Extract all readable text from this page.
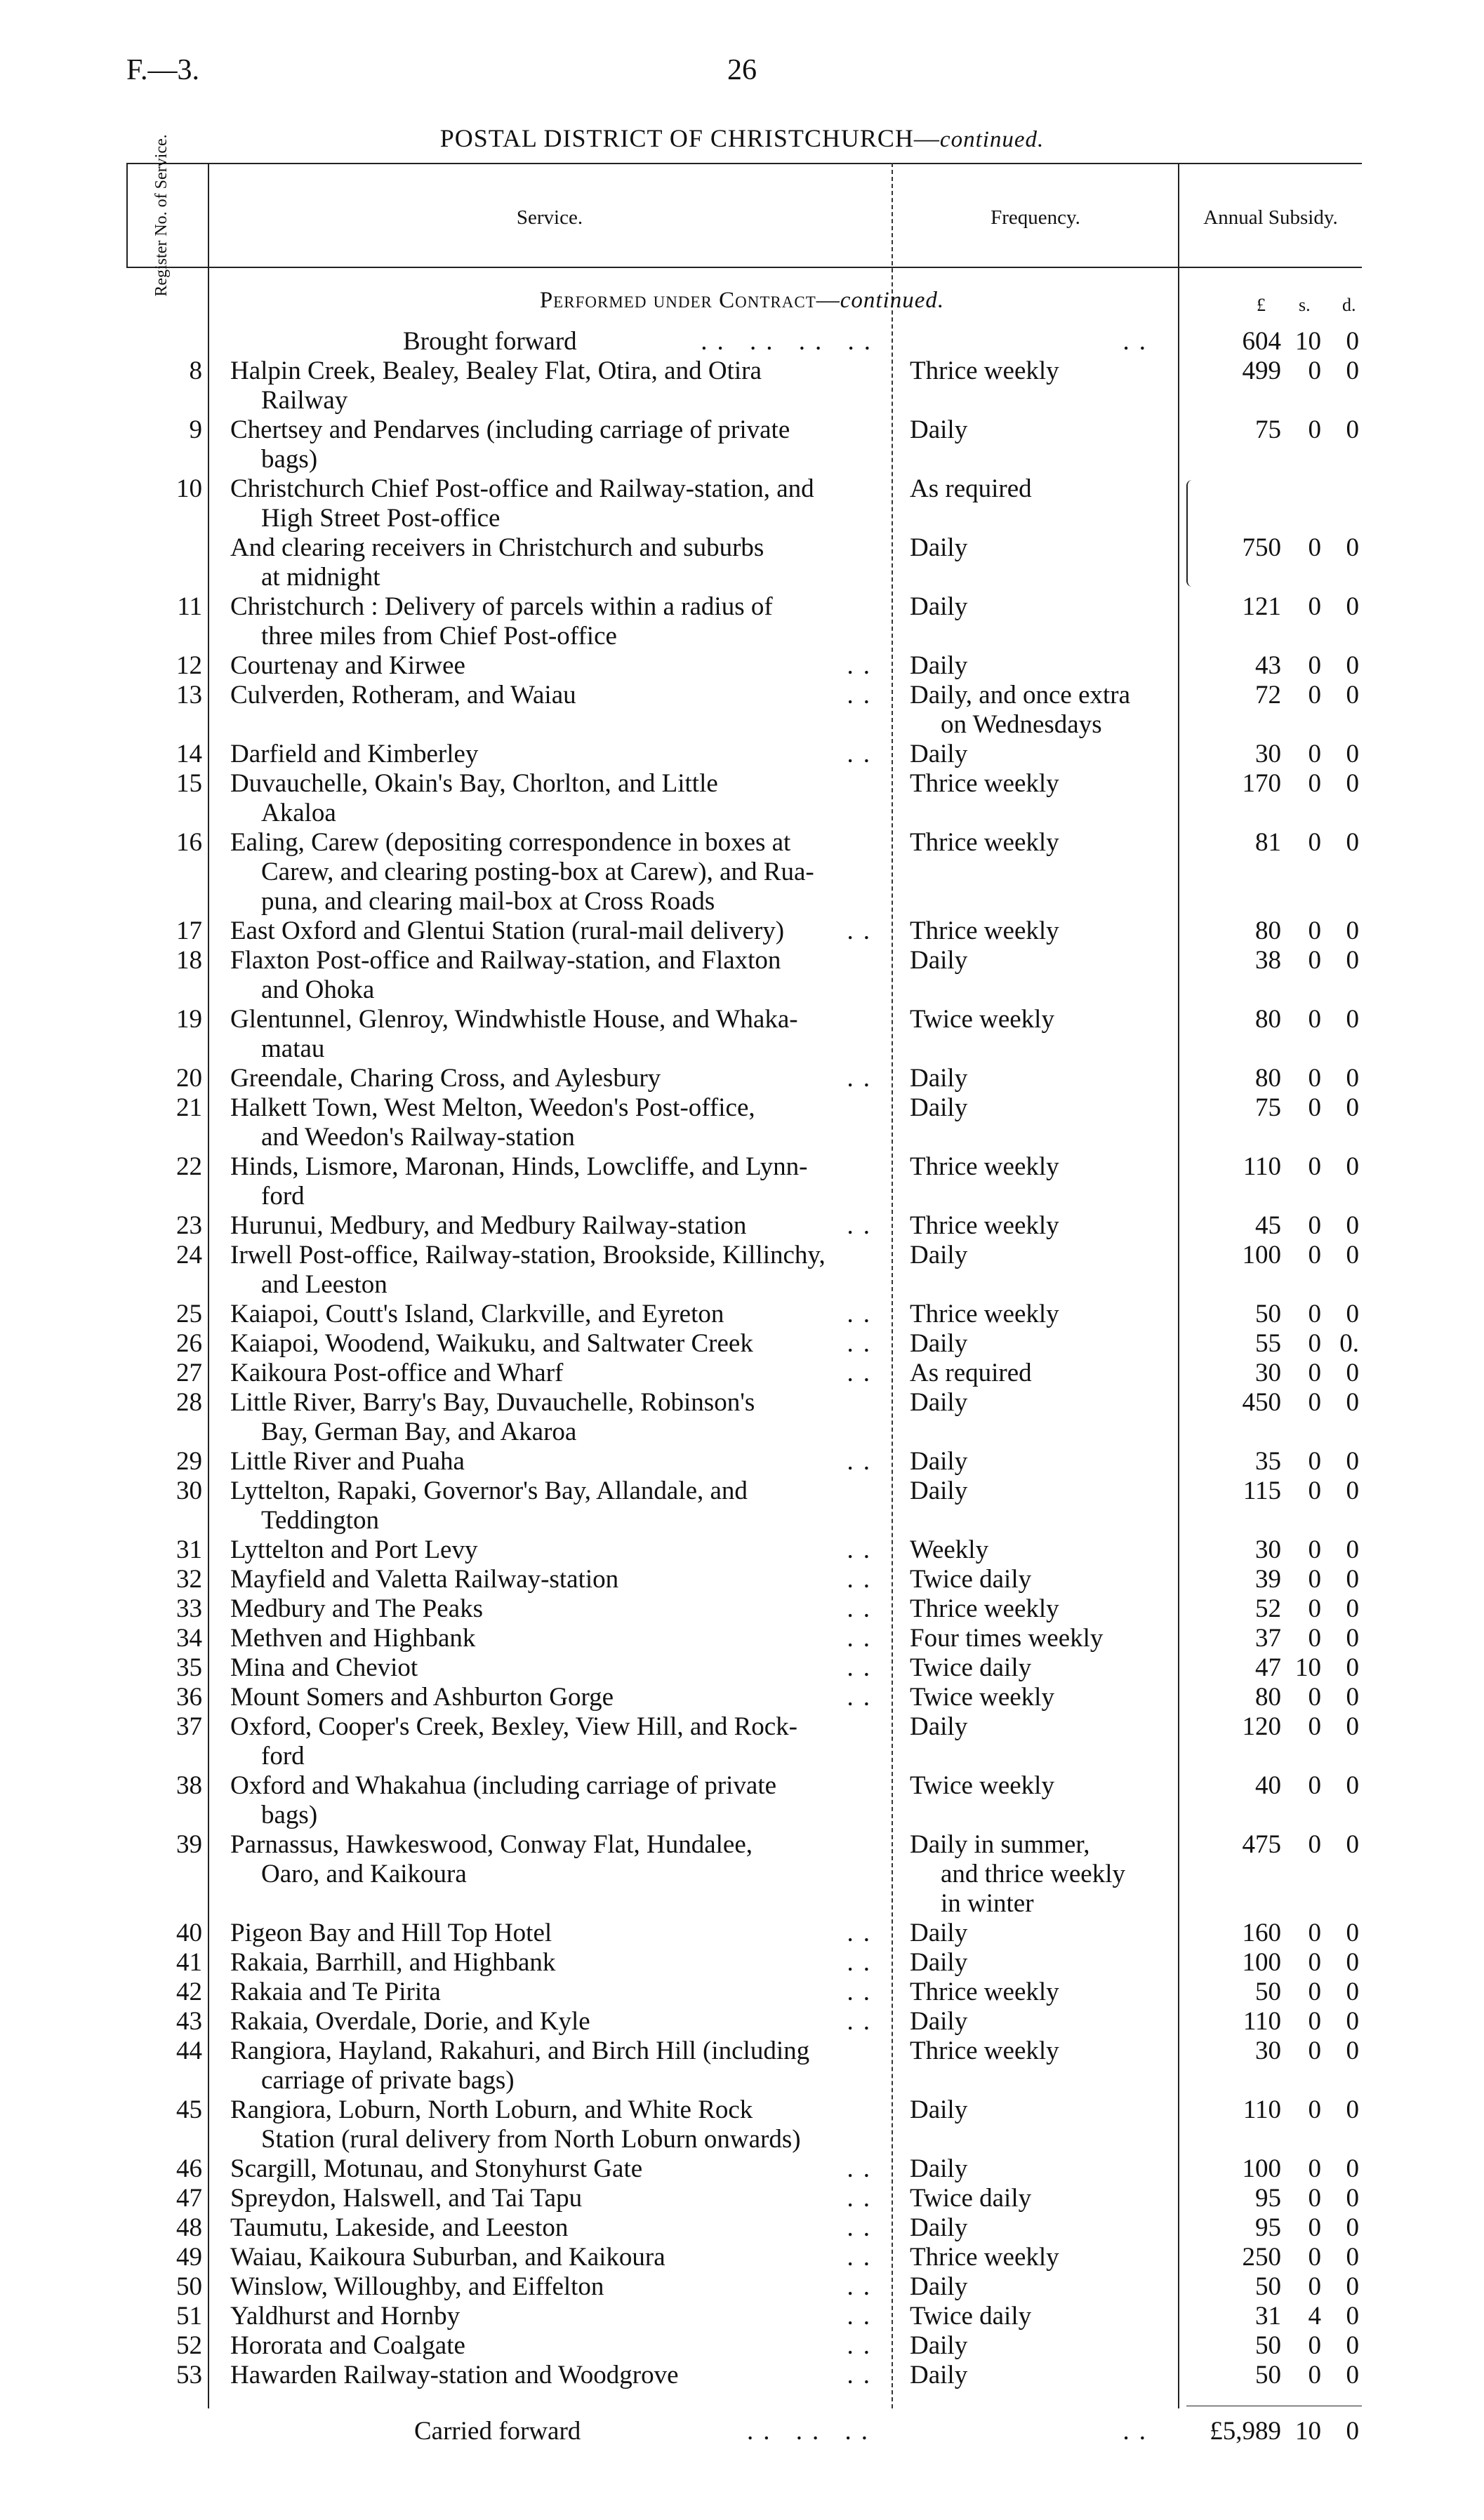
F.—3.	26
POSTAL DISTRICT OF CHRISTCHURCH—continued.
Register No. of Service.	Service.	Frequency.	Annual Subsidy.
Performed under Contract—continued.	£ s. d.
Brought forward	.. .. .. ..	..	604 10 0
8 Halpin Creek, Bealey, Bealey Flat, Otira, and Otira
Railway
Thrice weekly	499	0 0
9 Chertsey and Pendarves (including carriage of private
bags)
Daily	75	0 0
10 Christchurch Chief Post-office and Railway-station, and
High Street Post-office
As required
And clearing receivers in Christchurch and suburbs
at midnight
Daily	750	0 0
11 Christchurch : Delivery of parcels within a radius of
three miles from Chief Post-office
Daily	121	0 0
12 Courtenay and Kirwee	.. Daily	43	0 0
13 Culverden, Rotheram, and Waiau	.. Daily, and once extra
on Wednesdays
72	0 0
14 Darfield and Kimberley	.. Daily	30	0 0
15 Duvauchelle, Okain's Bay, Chorlton, and Little
Akaloa
Thrice weekly	170	0 0
16 Ealing, Carew (depositing correspondence in boxes at
Carew, and clearing posting-box at Carew), and Rua-
puna, and clearing mail-box at Cross Roads
Thrice weekly	81	0 0
17 East Oxford and Glentui Station (rural-mail delivery) .. Thrice weekly	80	0 0
18 Flaxton Post-office and Railway-station, and Flaxton
and Ohoka
Daily	38	0 0
19 Glentunnel, Glenroy, Windwhistle House, and Whaka-
matau
Twice weekly	80	0 0
20 Greendale, Charing Cross, and Aylesbury	.. Daily	80	0 0
21 Halkett Town, West Melton, Weedon's Post-office,
and Weedon's Railway-station
Daily	75	0 0
22 Hinds, Lismore, Maronan, Hinds, Lowcliffe, and Lynn-
ford
Thrice weekly	110	0 0
23 Hurunui, Medbury, and Medbury Railway-station	.. Thrice weekly	45	0 0
24 Irwell Post-office, Railway-station, Brookside, Killinchy,
and Leeston
Daily	100	0 0
25 Kaiapoi, Coutt's Island, Clarkville, and Eyreton	.. Thrice weekly	50	0 0
26 Kaiapoi, Woodend, Waikuku, and Saltwater Creek	.. Daily	55	0 0.
27 Kaikoura Post-office and Wharf	.. As required	30	0 0
28 Little River, Barry's Bay, Duvauchelle, Robinson's
Bay, German Bay, and Akaroa
Daily	450	0 0
29 Little River and Puaha	.. Daily	35	0 0
30 Lyttelton, Rapaki, Governor's Bay, Allandale, and
Teddington
Daily	115	0 0
31 Lyttelton and Port Levy	.. Weekly	30	0 0
32 Mayfield and Valetta Railway-station	.. Twice daily	39	0 0
33 Medbury and The Peaks	.. Thrice weekly	52	0 0
34 Methven and Highbank	.. Four times weekly	37	0 0
35 Mina and Cheviot	.. Twice daily	47 10 0
36 Mount Somers and Ashburton Gorge	.. Twice weekly	80	0 0
37 Oxford, Cooper's Creek, Bexley, View Hill, and Rock-
ford
Daily	120	0 0
38 Oxford and Whakahua (including carriage of private
bags)
Twice weekly	40	0 0
39 Parnassus, Hawkeswood, Conway Flat, Hundalee,
Oaro, and Kaikoura
Daily in summer,
and thrice weekly
in winter
475	0 0
40 Pigeon Bay and Hill Top Hotel	.. Daily	160	0 0
41 Rakaia, Barrhill, and Highbank	.. Daily	100	0 0
42 Rakaia and Te Pirita	.. Thrice weekly	50	0 0
43 Rakaia, Overdale, Dorie, and Kyle	.. Daily	110	0 0
44 Rangiora, Hayland, Rakahuri, and Birch Hill (including
carriage of private bags)
Thrice weekly	30	0 0
45 Rangiora, Loburn, North Loburn, and White Rock
Station (rural delivery from North Loburn onwards)
Daily	110	0 0
46 Scargill, Motunau, and Stonyhurst Gate	.. Daily	100	0 0
47 Spreydon, Halswell, and Tai Tapu	.. Twice daily	95	0 0
48 Taumutu, Lakeside, and Leeston	.. Daily	95	0 0
49 Waiau, Kaikoura Suburban, and Kaikoura	.. Thrice weekly	250	0 0
50 Winslow, Willoughby, and Eiffelton	.. Daily	50	0 0
51 Yaldhurst and Hornby	.. Twice daily	31	4 0
52 Hororata and Coalgate	.. Daily	50	0 0
53 Hawarden Railway-station and Woodgrove	.. Daily	50	0 0
Carried forward	.. .. ..	..	£5,989 10 0
